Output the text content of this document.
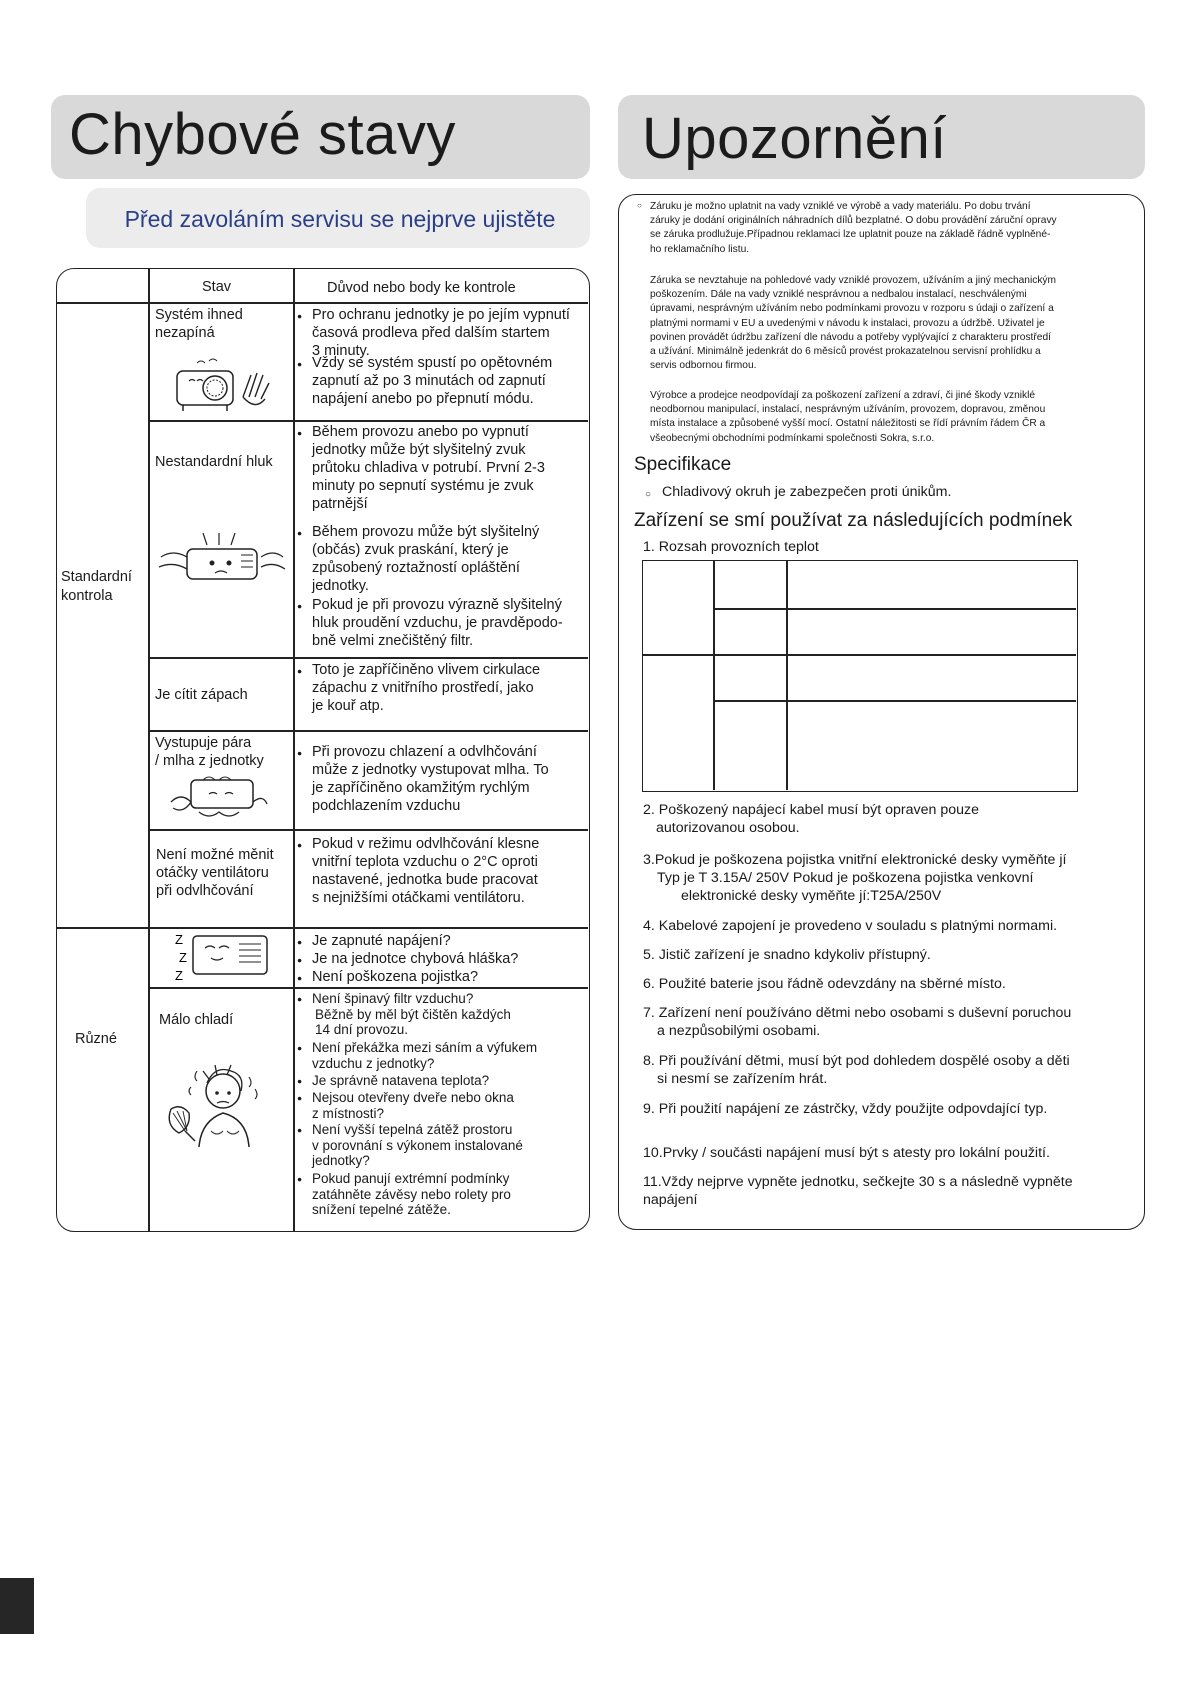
Chybové stavy
Před zavoláním servisu se nejprve ujistěte
Stav	Důvod nebo body ke kontrole
Standardní
kontrola
Různé
Systém ihned
nezapíná
● Pro ochranu jednotky je po jejím vypnutí
časová prodleva před dalším startem
3 minuty.
● Vždy se systém spustí po opětovném
zapnutí až po 3 minutách od zapnutí
napájení anebo po přepnutí módu.
Nestandardní hluk
● Během provozu anebo po vypnutí
jednotky může být slyšitelný zvuk
průtoku chladiva v potrubí. První 2-3
minuty po sepnutí systému je zvuk
patrnější
● Během provozu může být slyšitelný
(občás) zvuk praskání, který je
způsobený roztažností opláštění
jednotky.
● Pokud je při provozu výrazně slyšitelný
hluk proudění vzduchu, je pravděpodo-
bně velmi znečištěný filtr.
Je cítit zápach
● Toto je zapříčiněno vlivem cirkulace
zápachu z vnitřního prostředí, jako
je kouř atp.
Vystupuje pára
/ mlha z jednotky
● Při provozu chlazení a odvlhčování
může z jednotky vystupovat mlha. To
je zapříčiněno okamžitým rychlým
podchlazením vzduchu
Není možné měnit
otáčky ventilátoru
při odvlhčování
● Pokud v režimu odvlhčování klesne
vnitřní teplota vzduchu o 2°C oproti
nastavené, jednotka bude pracovat
s nejnižšími otáčkami ventilátoru.
Z
Z
Z
● Je zapnuté napájení?
● Je na jednotce chybová hláška?
● Není poškozena pojistka?
Málo chladí
● Není špinavý filtr vzduchu?
Běžně by měl být čištěn každých
14 dní provozu.
● Není překážka mezi sáním a výfukem
vzduchu z jednotky?
● Je správně natavena teplota?
● Nejsou otevřeny dveře nebo okna
z místnosti?
● Není vyšší tepelná zátěž prostoru
v porovnání s výkonem instalované
jednotky?
● Pokud panují extrémní podmínky
zatáhněte závěsy nebo rolety pro
snížení tepelné zátěže.
Upozornění
○ Záruku je možno uplatnit na vady vzniklé ve výrobě a vady materiálu. Po dobu trvání
záruky je dodání originálních náhradních dílů bezplatné. O dobu provádění záruční opravy
se záruka prodlužuje.Případnou reklamaci lze uplatnit pouze na základě řádně vyplněné-
ho reklamačního listu.
Záruka se nevztahuje na pohledové vady vzniklé provozem, užíváním a jiný mechanickým
poškozením. Dále na vady vzniklé nesprávnou a nedbalou instalací, neschválenými
úpravami, nesprávným užíváním nebo podmínkami provozu v rozporu s údaji o zařízení a
platnými normami v EU a uvedenými v návodu k instalaci, provozu a údržbě. Uživatel je
povinen provádět údržbu zařízení dle návodu a potřeby vyplývající z charakteru prostředí
a užívání. Minimálně jedenkrát do 6 měsíců provést prokazatelnou servisní prohlídku a
servis odbornou firmou.
Výrobce a prodejce neodpovídají za poškození zařízení a zdraví, či jiné škody vzniklé
neodbornou manipulací, instalací, nesprávným užíváním, provozem, dopravou, změnou
místa instalace a způsobené vyšší mocí. Ostatní náležitosti se řídí právním řádem ČR a
všeobecnými obchodními podmínkami společnosti Sokra, s.r.o.
Specifikace
○ Chladivový okruh je zabezpečen proti únikům.
Zařízení se smí používat za následujících podmínek
1. Rozsah provozních teplot
2. Poškozený napájecí kabel musí být opraven pouze
autorizovanou osobou.
3.Pokud je poškozena pojistka vnitřní elektronické desky vyměňte jí
Typ je T 3.15A/ 250V Pokud je poškozena pojistka venkovní
elektronické desky vyměňte jí:T25A/250V
4. Kabelové zapojení je provedeno v souladu s platnými normami.
5. Jistič zařízení je snadno kdykoliv přístupný.
6. Použité baterie jsou řádně odevzdány na sběrné místo.
7. Zařízení není používáno dětmi nebo osobami s duševní poruchou
a nezpůsobilými osobami.
8. Při používání dětmi, musí být pod dohledem dospělé osoby a děti
si nesmí se zařízením hrát.
9. Při použití napájení ze zástrčky, vždy použijte odpovdající typ.
10.Prvky / součásti napájení musí být s atesty pro lokální použití.
11.Vždy nejprve vypněte jednotku, sečkejte 30 s a následně vypněte
napájení
